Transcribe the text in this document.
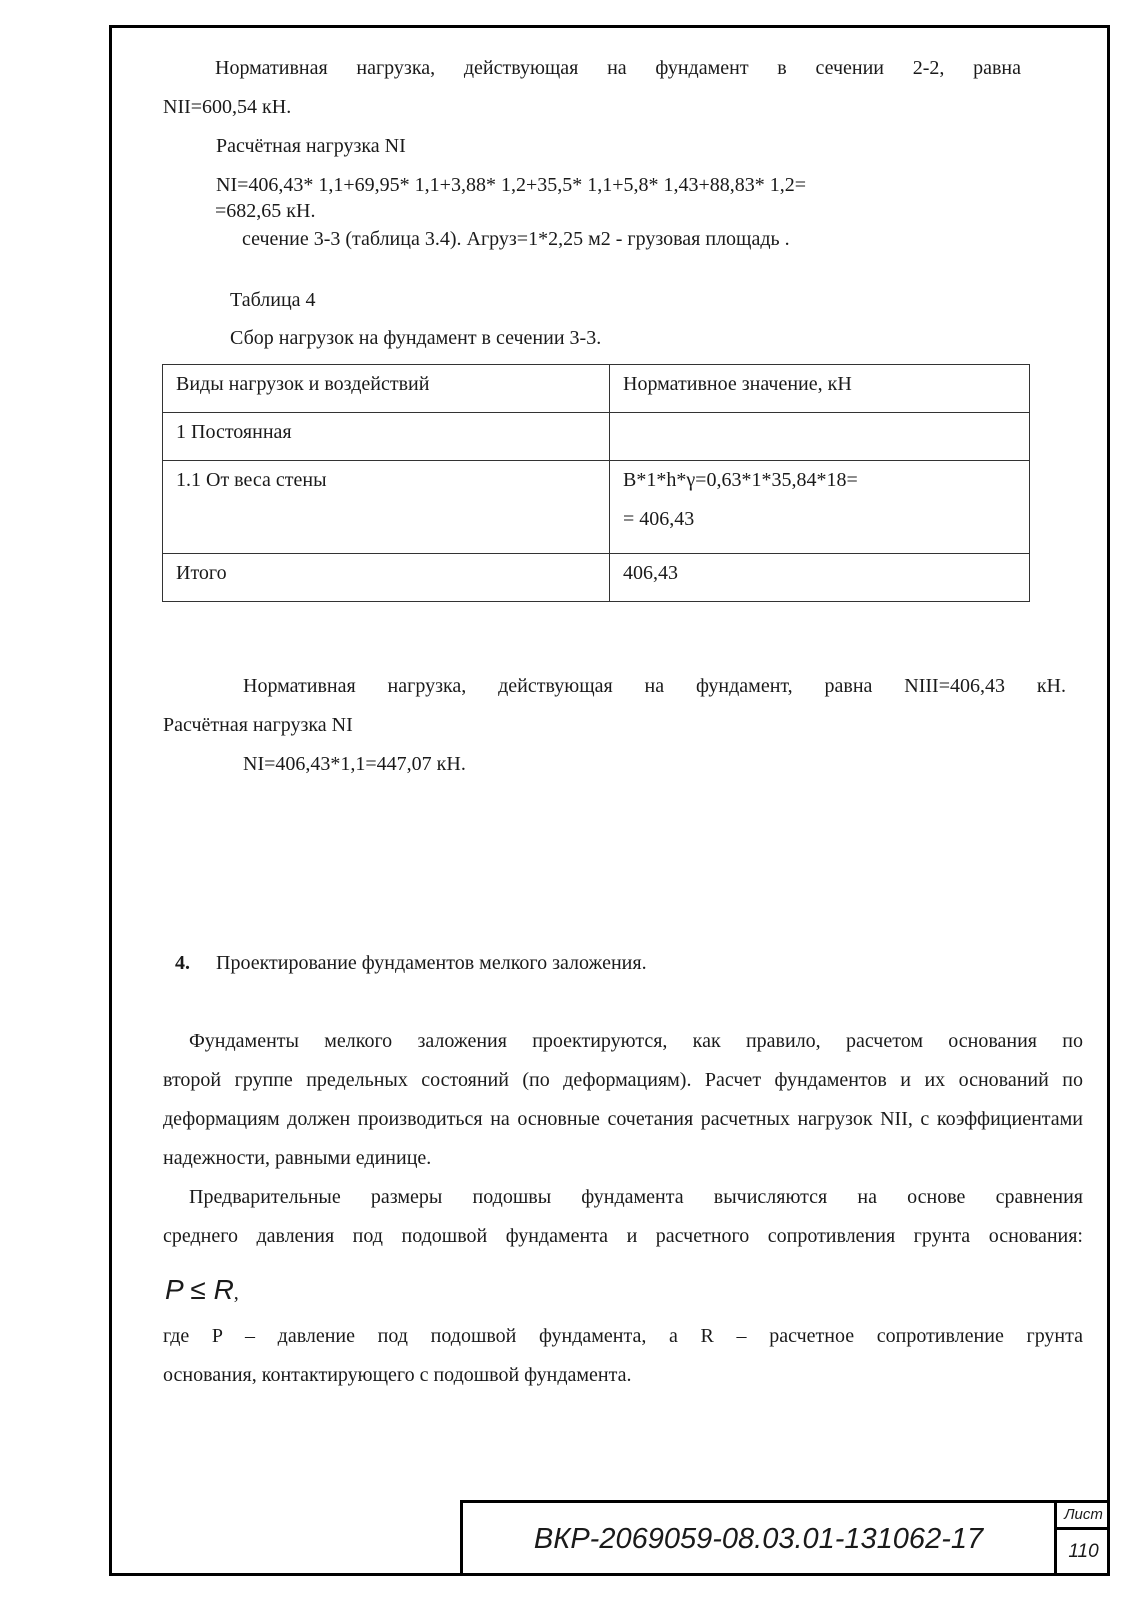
Нормативная нагрузка, действующая на фундамент в сечении 2-2, равна
NII=600,54 кН.
Расчётная нагрузка NI
NI=406,43* 1,1+69,95* 1,1+3,88* 1,2+35,5* 1,1+5,8* 1,43+88,83* 1,2=
=682,65 кН.
сечение 3-3 (таблица 3.4). Агруз=1*2,25 м2 - грузовая площадь .
Таблица 4
Сбор нагрузок на фундамент в сечении 3-3.
Виды нагрузок и воздействий	Нормативное значение, кН
1 Постоянная	
1.1 От веса стены	B*1*h*γ=0,63*1*35,84*18=
= 406,43

Итого	406,43
Нормативная нагрузка, действующая на фундамент, равна NIII=406,43 кН.
Расчётная нагрузка NI
NI=406,43*1,1=447,07 кН.
4. Проектирование фундаментов мелкого заложения.
Фундаменты мелкого заложения проектируются, как правило, расчетом основания по
второй группе предельных состояний (по деформациям). Расчет фундаментов и их оснований по деформациям должен производиться на основные сочетания расчетных нагрузок NII, с коэффициентами надежности, равными единице.
Предварительные размеры подошвы фундамента вычисляются на основе сравнения
среднего давления под подошвой фундамента и расчетного сопротивления грунта основания:
P ≤ R,
где P – давление под подошвой фундамента, а R – расчетное сопротивление грунта
основания, контактирующего с подошвой фундамента.
ВКР-2069059-08.03.01-131062-17
Лист
110
